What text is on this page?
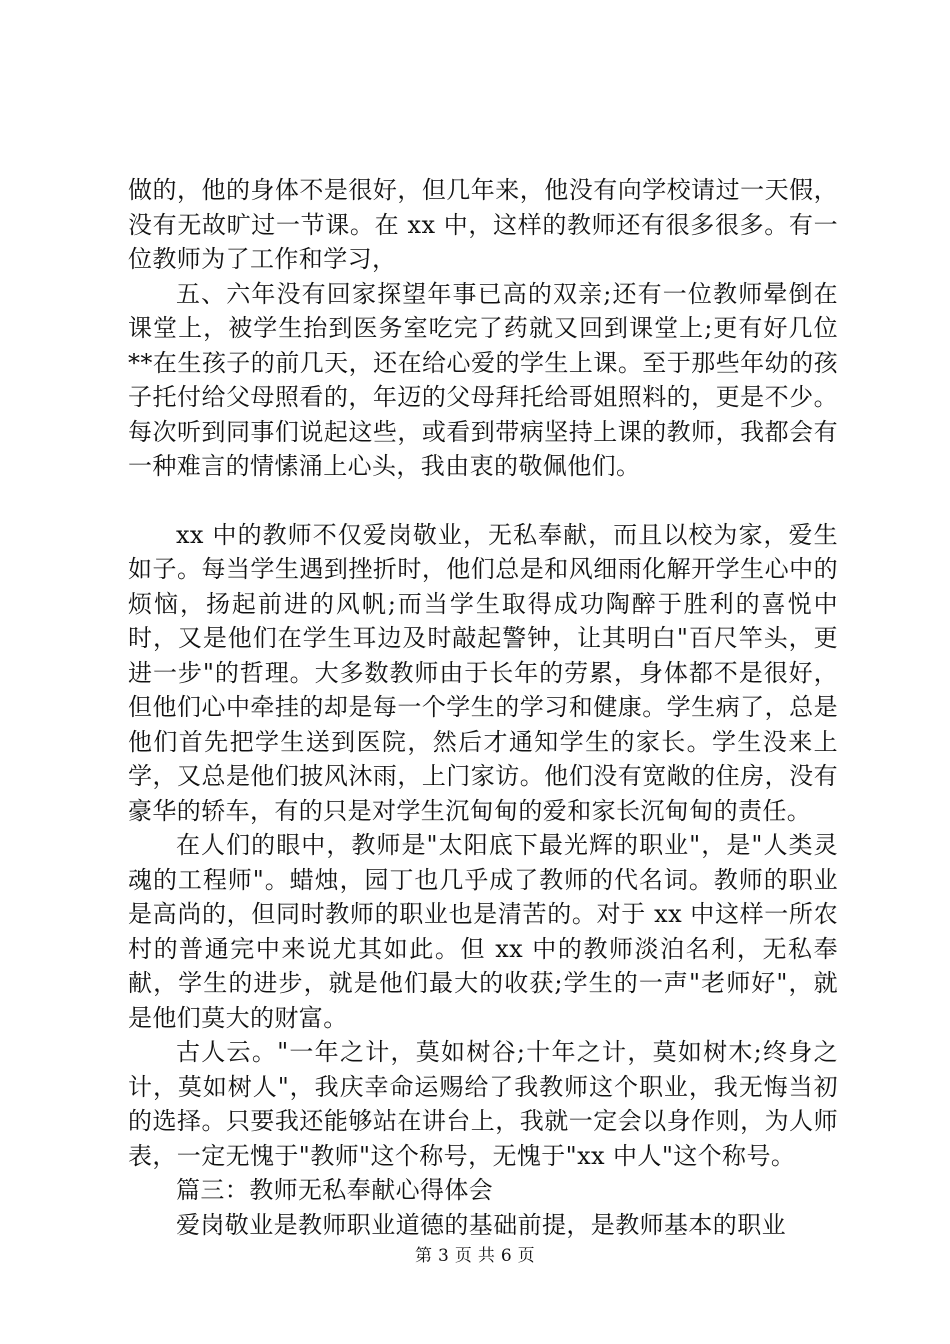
做的，他的身体不是很好，但几年来，他没有向学校请过一天假，没有无故旷过一节课。在 xx 中，这样的教师还有很多很多。有一位教师为了工作和学习，

五、六年没有回家探望年事已高的双亲;还有一位教师晕倒在课堂上，被学生抬到医务室吃完了药就又回到课堂上;更有好几位**在生孩子的前几天，还在给心爱的学生上课。至于那些年幼的孩子托付给父母照看的，年迈的父母拜托给哥姐照料的，更是不少。每次听到同事们说起这些，或看到带病坚持上课的教师，我都会有一种难言的情愫涌上心头，我由衷的敬佩他们。

xx 中的教师不仅爱岗敬业，无私奉献，而且以校为家，爱生如子。每当学生遇到挫折时，他们总是和风细雨化解开学生心中的烦恼，扬起前进的风帆;而当学生取得成功陶醉于胜利的喜悦中时，又是他们在学生耳边及时敲起警钟，让其明白"百尺竿头，更进一步"的哲理。大多数教师由于长年的劳累，身体都不是很好，但他们心中牵挂的却是每一个学生的学习和健康。学生病了，总是他们首先把学生送到医院，然后才通知学生的家长。学生没来上学，又总是他们披风沐雨，上门家访。他们没有宽敞的住房，没有豪华的轿车，有的只是对学生沉甸甸的爱和家长沉甸甸的责任。

在人们的眼中，教师是"太阳底下最光辉的职业"，是"人类灵魂的工程师"。蜡烛，园丁也几乎成了教师的代名词。教师的职业是高尚的，但同时教师的职业也是清苦的。对于 xx 中这样一所农村的普通完中来说尤其如此。但 xx 中的教师淡泊名利，无私奉献，学生的进步，就是他们最大的收获;学生的一声"老师好"，就是他们莫大的财富。

古人云。"一年之计，莫如树谷;十年之计，莫如树木;终身之计，莫如树人"，我庆幸命运赐给了我教师这个职业，我无悔当初的选择。只要我还能够站在讲台上，我就一定会以身作则，为人师表，一定无愧于"教师"这个称号，无愧于"xx 中人"这个称号。

篇三：教师无私奉献心得体会

爱岗敬业是教师职业道德的基础前提，是教师基本的职业

第 3 页 共 6 页
